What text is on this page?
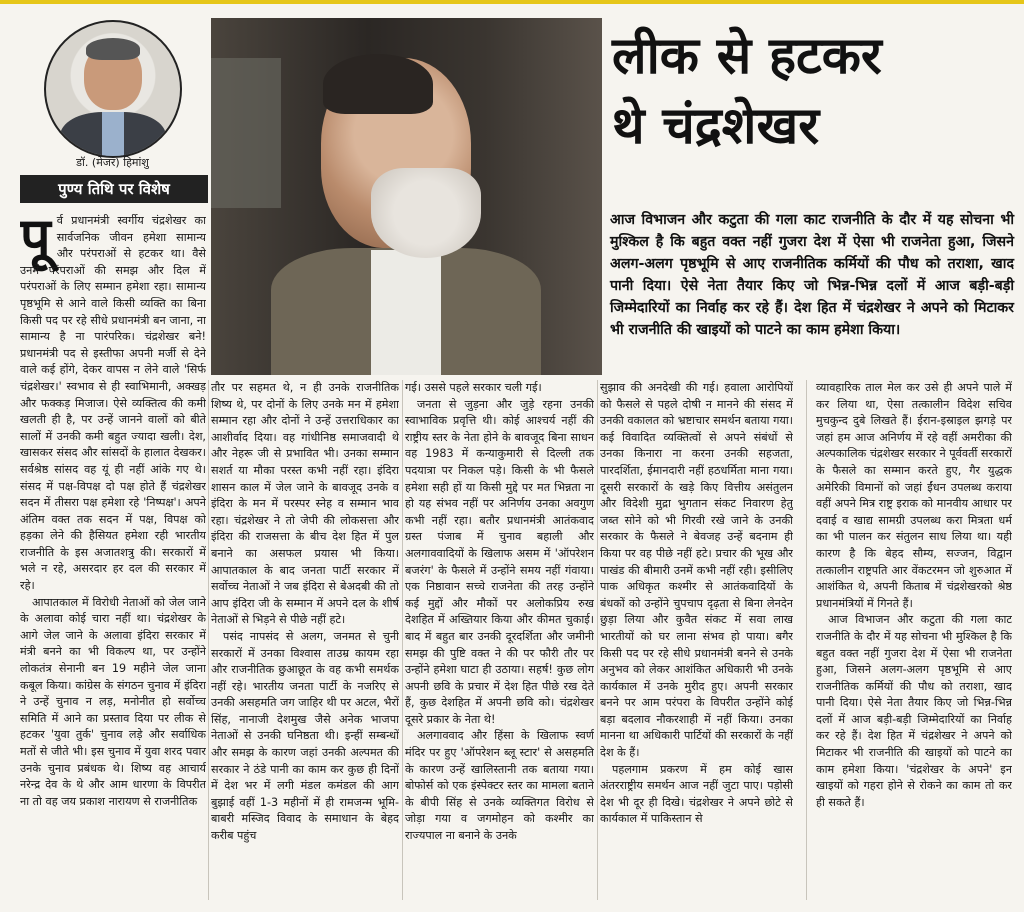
डॉ. (मेजर) हिमांशु
पुण्य तिथि पर विशेष
लीक से हटकर
थे चंद्रशेखर

आज विभाजन और कटुता की गला काट राजनीति के दौर में यह सोचना भी मुश्किल है कि बहुत वक्त नहीं गुजरा देश में ऐसा भी राजनेता हुआ, जिसने अलग-अलग पृष्ठभूमि से आए राजनीतिक कर्मियों की पौध को तराशा, खाद पानी दिया। ऐसे नेता तैयार किए जो भिन्न-भिन्न दलों में आज बड़ी-बड़ी जिम्मेदारियों का निर्वाह कर रहे हैं। देश हित में चंद्रशेखर ने अपने को मिटाकर भी राजनीति की खाइयों को पाटने का काम हमेशा किया।

पू र्व प्रधानमंत्री स्वर्गीय चंद्रशेखर का सार्वजनिक जीवन हमेशा सामान्य और परंपराओं से हटकर था। वैसे उनमें परंपराओं की समझ और दिल में परंपराओं के लिए सम्मान हमेशा रहा। सामान्य पृष्ठभूमि से आने वाले किसी व्यक्ति का बिना किसी पद पर रहे सीधे प्रधानमंत्री बन जाना, ना सामान्य है ना पारंपरिक। चंद्रशेखर बने! प्रधानमंत्री पद से इस्तीफा अपनी मर्जी से देने वाले कई होंगे, देकर वापस न लेने वाले 'सिर्फ चंद्रशेखर।' स्वभाव से ही स्वाभिमानी, अक्खड़ और फक्कड़ मिजाज। ऐसे व्यक्तित्व की कमी खलती ही है, पर उन्हें जानने वालों को बीते सालों में उनकी कमी बहुत ज्यादा खली। देश, खासकर संसद और सांसदों के हालात देखकर। सर्वश्रेष्ठ सांसद वह यूं ही नहीं आंके गए थे। संसद में पक्ष-विपक्ष दो पक्ष होते हैं चंद्रशेखर सदन में तीसरा पक्ष हमेशा रहे 'निष्पक्ष'। अपने अंतिम वक्त तक सदन में पक्ष, विपक्ष को हड़का लेने की हैसियत हमेशा रही भारतीय राजनीति के इस अजातशत्रु की। सरकारों में भले न रहे, असरदार हर दल की सरकार में रहे।

आपातकाल में विरोधी नेताओं को जेल जाने के अलावा कोई चारा नहीं था। चंद्रशेखर के आगे जेल जाने के अलावा इंदिरा सरकार में मंत्री बनने का भी विकल्प था, पर उन्होंने लोकतंत्र सेनानी बन 19 महीने जेल जाना कबूल किया। कांग्रेस के संगठन चुनाव में इंदिरा ने उन्हें चुनाव न लड़, मनोनीत हो सर्वोच्च समिति में आने का प्रस्ताव दिया पर लीक से हटकर 'युवा तुर्क' चुनाव लड़े और सर्वाधिक मतों से जीते भी। इस चुनाव में युवा शरद पवार उनके चुनाव प्रबंधक थे। शिष्य वह आचार्य नरेन्द्र देव के थे और आम धारणा के विपरीत ना तो वह जय प्रकाश नारायण से राजनीतिक

तौर पर सहमत थे, न ही उनके राजनीतिक शिष्य थे, पर दोनों के लिए उनके मन में हमेशा सम्मान रहा और दोनों ने उन्हें उत्तराधिकार का आशीर्वाद दिया। वह गांधीनिष्ठ समाजवादी थे और नेहरू जी से प्रभावित भी। उनका सम्मान सशर्त या मौका परस्त कभी नहीं रहा। इंदिरा शासन काल में जेल जाने के बावजूद उनके व इंदिरा के मन में परस्पर स्नेह व सम्मान भाव रहा। चंद्रशेखर ने तो जेपी की लोकसत्ता और इंदिरा की राजसत्ता के बीच देश हित में पुल बनाने का असफल प्रयास भी किया। आपातकाल के बाद जनता पार्टी सरकार में सर्वोच्च नेताओं ने जब इंदिरा से बेअदबी की तो आप इंदिरा जी के सम्मान में अपने दल के शीर्ष नेताओं से भिड़ने से पीछे नहीं हटे।

पसंद नापसंद से अलग, जनमत से चुनी सरकारों में उनका विश्वास ताउम्र कायम रहा और राजनीतिक छुआछूत के वह कभी समर्थक नहीं रहे। भारतीय जनता पार्टी के नजरिए से उनकी असहमति जग जाहिर थी पर अटल, भैरों सिंह, नानाजी देशमुख जैसे अनेक भाजपा नेताओं से उनकी घनिष्ठता थी। इन्हीं सम्बन्धों और समझ के कारण जहां उनकी अल्पमत की सरकार ने ठंडे पानी का काम कर कुछ ही दिनों में देश भर में लगी मंडल कमंडल की आग बुझाई वहीं 1-3 महीनों में ही रामजन्म भूमि-बाबरी मस्जिद विवाद के समाधान के बेहद करीब पहुंच

गई। उससे पहले सरकार चली गई।

जनता से जुड़ना और जुड़े रहना उनकी स्वाभाविक प्रवृत्ति थी। कोई आश्चर्य नहीं की राष्ट्रीय स्तर के नेता होने के बावजूद बिना साधन वह 1983 में कन्याकुमारी से दिल्ली तक पदयात्रा पर निकल पड़े। किसी के भी फैसले हमेशा सही हों या किसी मुद्दे पर मत भिन्नता ना हो यह संभव नहीं पर अनिर्णय उनका अवगुण कभी नहीं रहा। बतौर प्रधानमंत्री आतंकवाद ग्रस्त पंजाब में चुनाव बहाली और अलगाववादियों के खिलाफ असम में 'ऑपरेशन बजरंग' के फैसले में उन्होंने समय नहीं गंवाया। एक निष्ठावान सच्चे राजनेता की तरह उन्होंने कई मुद्दों और मौकों पर अलोकप्रिय रुख देशहित में अख्तियार किया और कीमत चुकाई। बाद में बहुत बार उनकी दूरदर्शिता और जमीनी समझ की पुष्टि वक्त ने की पर फौरी तौर पर उन्होंने हमेशा घाटा ही उठाया। सहर्ष! कुछ लोग अपनी छवि के प्रचार में देश हित पीछे रख देते हैं, कुछ देशहित में अपनी छवि को। चंद्रशेखर दूसरे प्रकार के नेता थे!

अलगाववाद और हिंसा के खिलाफ स्वर्ण मंदिर पर हुए 'ऑपरेशन ब्लू स्टार' से असहमति के कारण उन्हें खालिस्तानी तक बताया गया। बोफोर्स को एक इंस्पेक्टर स्तर का मामला बताने के बीपी सिंह से उनके व्यक्तिगत विरोध से जोड़ा गया व जगमोहन को कश्मीर का राज्यपाल ना बनाने के उनके

सुझाव की अनदेखी की गई। हवाला आरोपियों को फैसले से पहले दोषी न मानने की संसद में उनकी वकालत को भ्रष्टाचार समर्थन बताया गया। कई विवादित व्यक्तित्वों से अपने संबंधों से उनका किनारा ना करना उनकी सहजता, पारदर्शिता, ईमानदारी नहीं हठधर्मिता माना गया। दूसरी सरकारों के खड़े किए वित्तीय असंतुलन और विदेशी मुद्रा भुगतान संकट निवारण हेतु जब्त सोने को भी गिरवी रखे जाने के उनकी सरकार के फैसले ने बेवजह उन्हें बदनाम ही किया पर वह पीछे नहीं हटे। प्रचार की भूख और पाखंड की बीमारी उनमें कभी नहीं रही। इसीलिए पाक अधिकृत कश्मीर से आतंकवादियों के बंधकों को उन्होंने चुपचाप दृढ़ता से बिना लेनदेन छुड़ा लिया और कुवैत संकट में सवा लाख भारतीयों को घर लाना संभव हो पाया। बगैर किसी पद पर रहे सीधे प्रधानमंत्री बनने से उनके अनुभव को लेकर आशंकित अधिकारी भी उनके कार्यकाल में उनके मुरीद हुए। अपनी सरकार बनने पर आम परंपरा के विपरीत उन्होंने कोई बड़ा बदलाव नौकरशाही में नहीं किया। उनका मानना था अधिकारी पार्टियों की सरकारों के नहीं देश के हैं।

पहलगाम प्रकरण में हम कोई खास अंतरराष्ट्रीय समर्थन आज नहीं जुटा पाए। पड़ोसी देश भी दूर ही दिखे। चंद्रशेखर ने अपने छोटे से कार्यकाल में पाकिस्तान से

व्यावहारिक ताल मेल कर उसे ही अपने पाले में कर लिया था, ऐसा तत्कालीन विदेश सचिव मुचकुन्द दुबे लिखते हैं। ईरान-इस्राइल झगड़े पर जहां हम आज अनिर्णय में रहे वहीं अमरीका की अल्पकालिक चंद्रशेखर सरकार ने पूर्ववर्ती सरकारों के फैसले का सम्मान करते हुए, गैर युद्धक अमेरिकी विमानों को जहां ईंधन उपलब्ध कराया वहीं अपने मित्र राष्ट्र इराक को मानवीय आधार पर दवाई व खाद्य सामग्री उपलब्ध करा मित्रता धर्म का भी पालन कर संतुलन साध लिया था। यही कारण है कि बेहद सौम्य, सज्जन, विद्वान तत्कालीन राष्ट्रपति आर वेंकटरमन जो शुरुआत में आशंकित थे, अपनी किताब में चंद्रशेखरको श्रेष्ठ प्रधानमंत्रियों में गिनते हैं।

आज विभाजन और कटुता की गला काट राजनीति के दौर में यह सोचना भी मुश्किल है कि बहुत वक्त नहीं गुजरा देश में ऐसा भी राजनेता हुआ, जिसने अलग-अलग पृष्ठभूमि से आए राजनीतिक कर्मियों की पौध को तराशा, खाद पानी दिया। ऐसे नेता तैयार किए जो भिन्न-भिन्न दलों में आज बड़ी-बड़ी जिम्मेदारियों का निर्वाह कर रहे हैं। देश हित में चंद्रशेखर ने अपने को मिटाकर भी राजनीति की खाइयों को पाटने का काम हमेशा किया। 'चंद्रशेखर के अपने' इन खाइयों को गहरा होने से रोकने का काम तो कर ही सकते हैं।
